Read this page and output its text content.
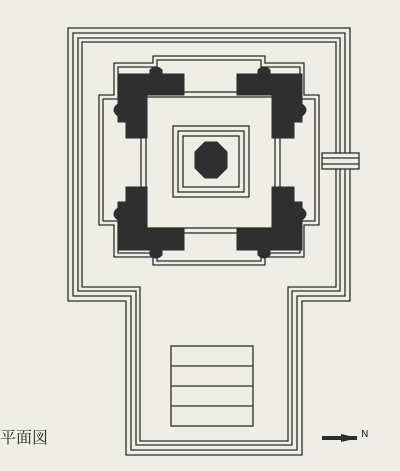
平面図	N
